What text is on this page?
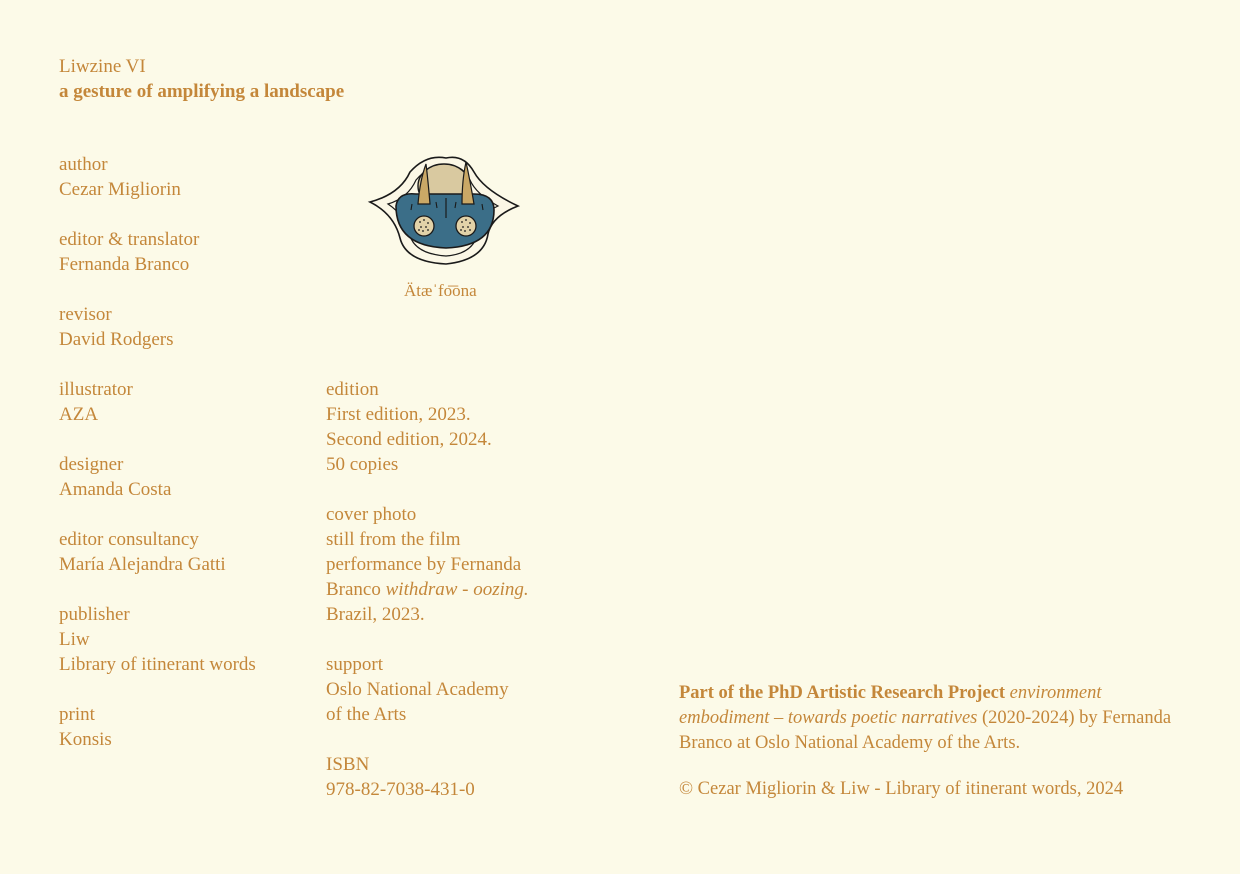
Liwzine VI
a gesture of amplifying a landscape
author
Cezar Migliorin
editor & translator
Fernanda Branco
revisor
David Rodgers
illustrator
AZA
designer
Amanda Costa
editor consultancy
María Alejandra Gatti
publisher
Liw
Library of itinerant words
print
Konsis
edition
First edition, 2023.
Second edition, 2024.
50 copies
cover photo
still from the film
performance by Fernanda
Branco withdraw - oozing.
Brazil, 2023.
support
Oslo National Academy
of the Arts
ISBN
978-82-7038-431-0
Ätæˈfo͞ona
Part of the PhD Artistic Research Project environment
embodiment – towards poetic narratives (2020-2024) by Fernanda
Branco at Oslo National Academy of the Arts.
© Cezar Migliorin & Liw - Library of itinerant words, 2024
